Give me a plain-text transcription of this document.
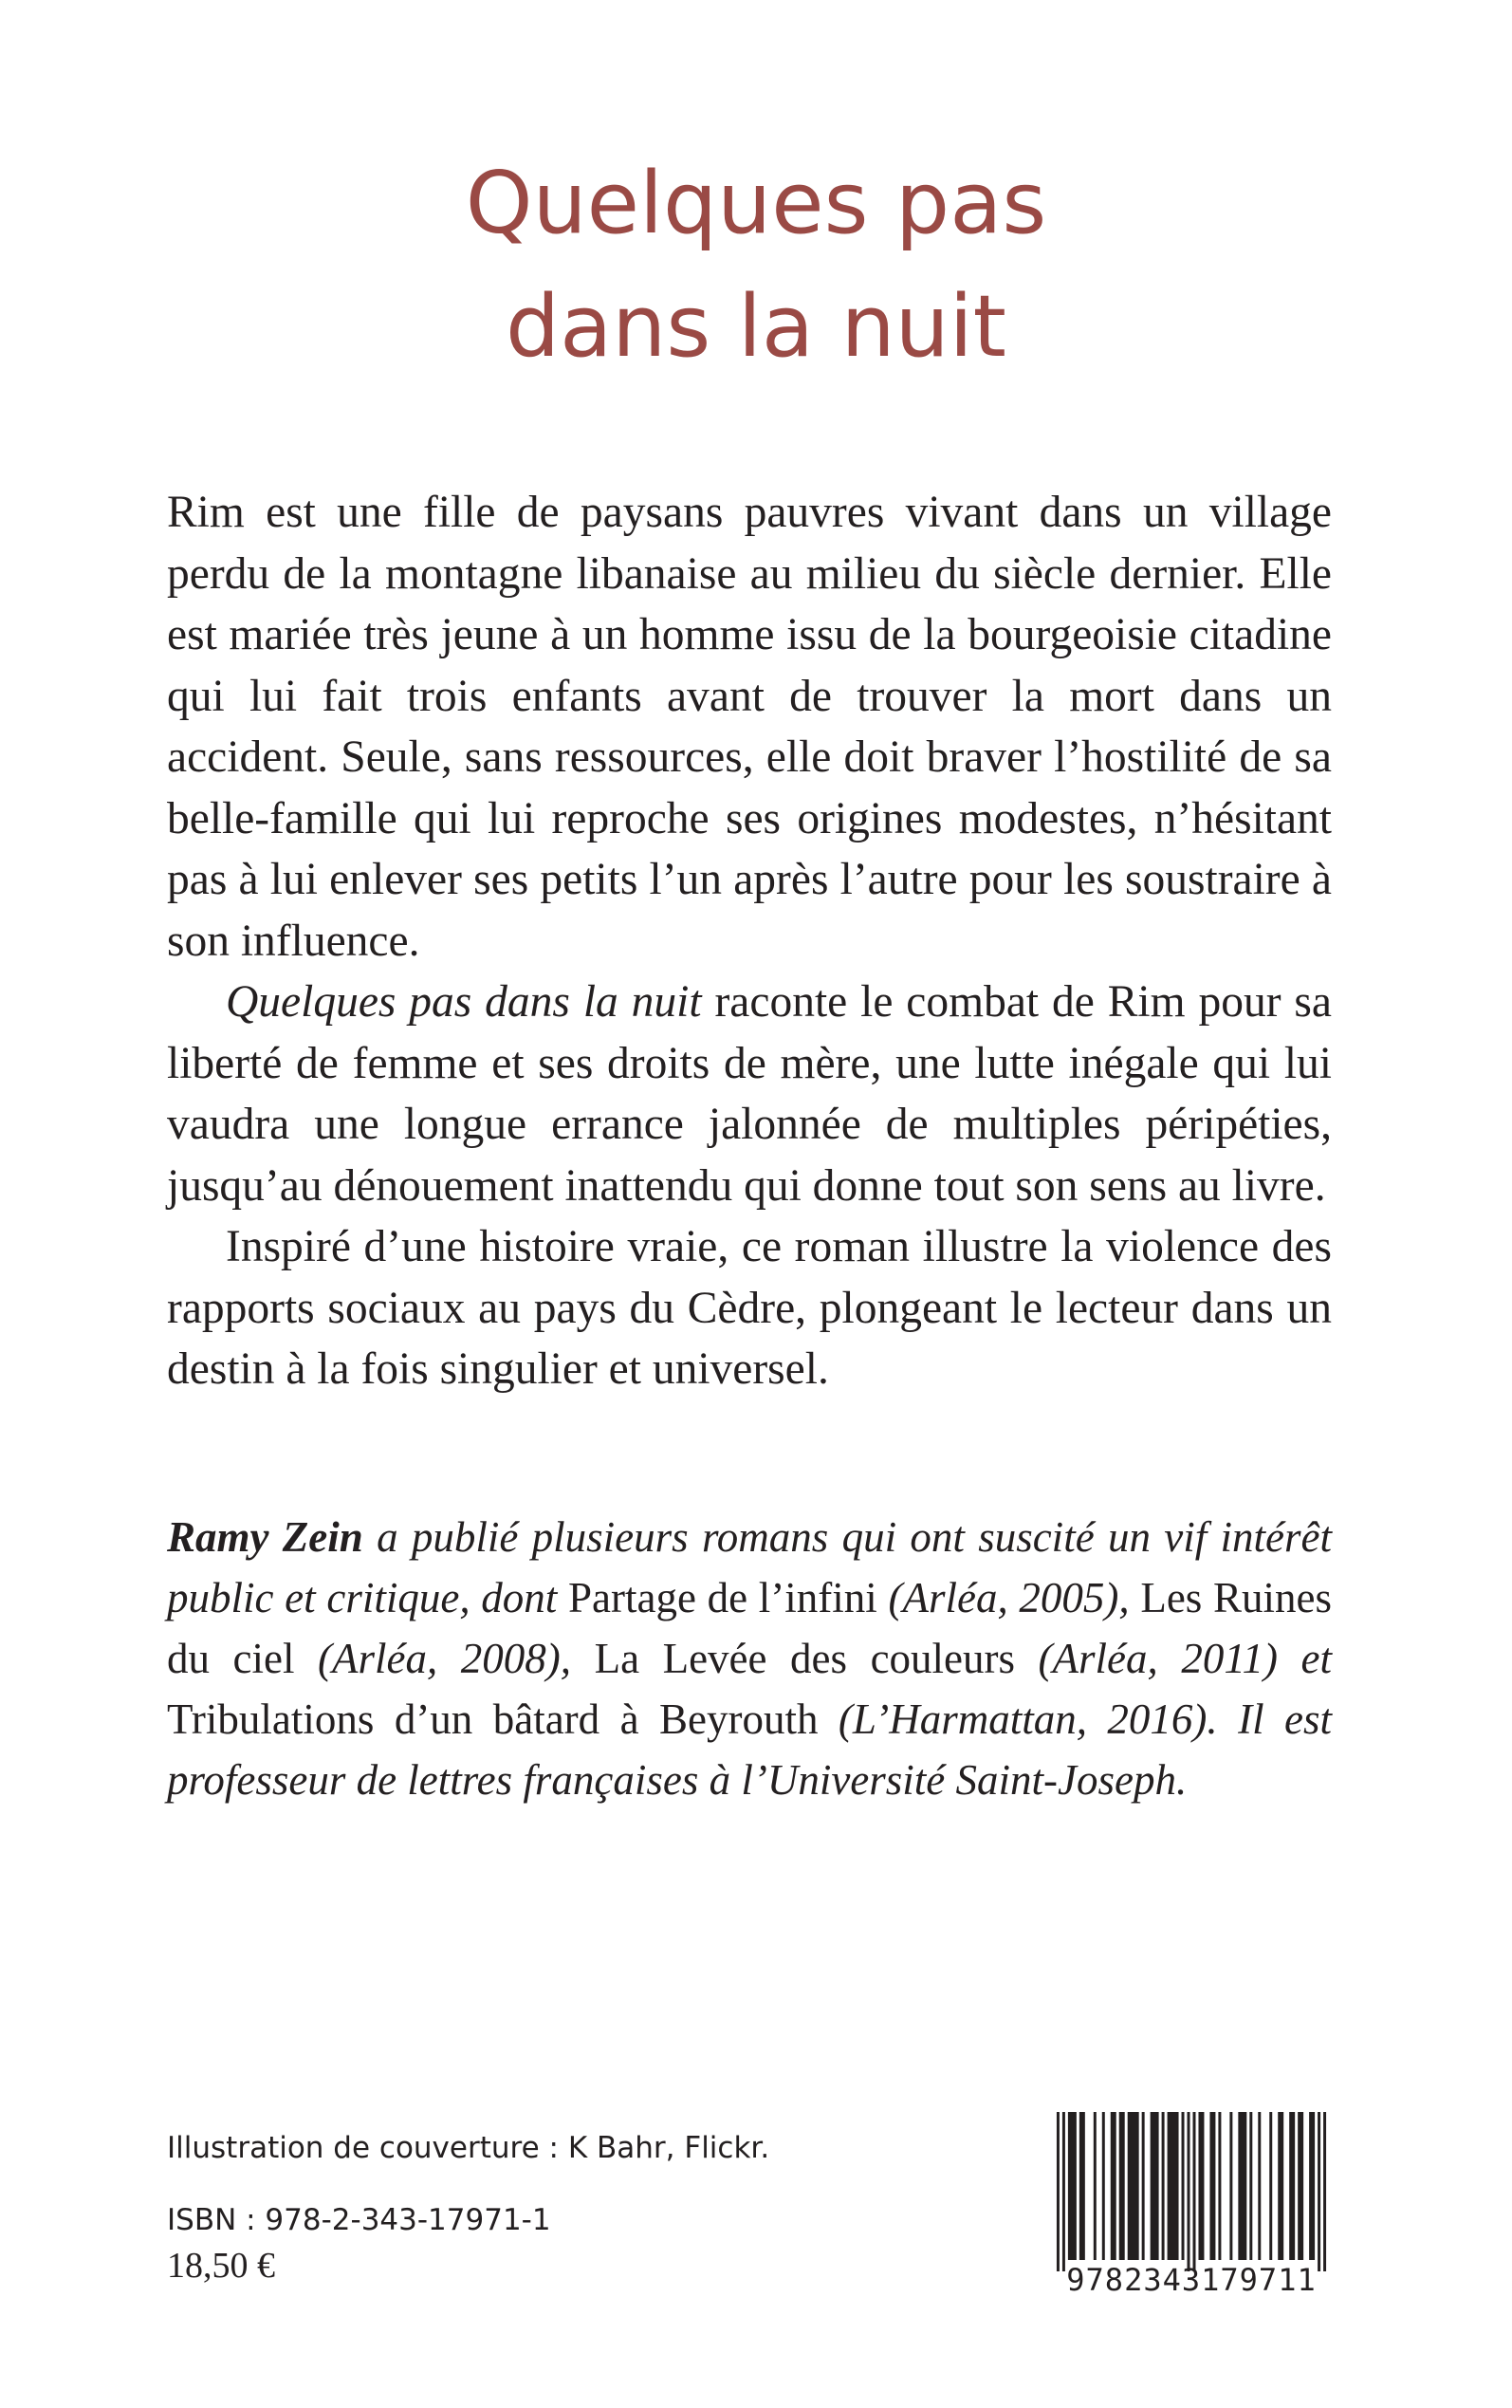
Quelques pas
dans la nuit

Rim est une fille de paysans pauvres vivant dans un village perdu de la montagne libanaise au milieu du siècle dernier. Elle est mariée très jeune à un homme issu de la bourgeoisie citadine qui lui fait trois enfants avant de trouver la mort dans un accident. Seule, sans ressources, elle doit braver l’hostilité de sa belle-famille qui lui reproche ses origines modestes, n’hésitant pas à lui enlever ses petits l’un après l’autre pour les soustraire à son influence.

Quelques pas dans la nuit raconte le combat de Rim pour sa liberté de femme et ses droits de mère, une lutte inégale qui lui vaudra une longue errance jalonnée de multiples péripéties, jusqu’au dénouement inattendu qui donne tout son sens au livre.

Inspiré d’une histoire vraie, ce roman illustre la violence des rapports sociaux au pays du Cèdre, plongeant le lecteur dans un destin à la fois singulier et universel.

Ramy Zein a publié plusieurs romans qui ont suscité un vif intérêt public et critique, dont Partage de l’infini (Arléa, 2005), Les Ruines du ciel (Arléa, 2008), La Levée des couleurs (Arléa, 2011) et Tribulations d’un bâtard à Beyrouth (L’Harmattan, 2016). Il est professeur de lettres françaises à l’Université Saint-Joseph.

Illustration de couverture : K Bahr, Flickr.

ISBN : 978-2-343-17971-1

18,50 €	9782343179711
